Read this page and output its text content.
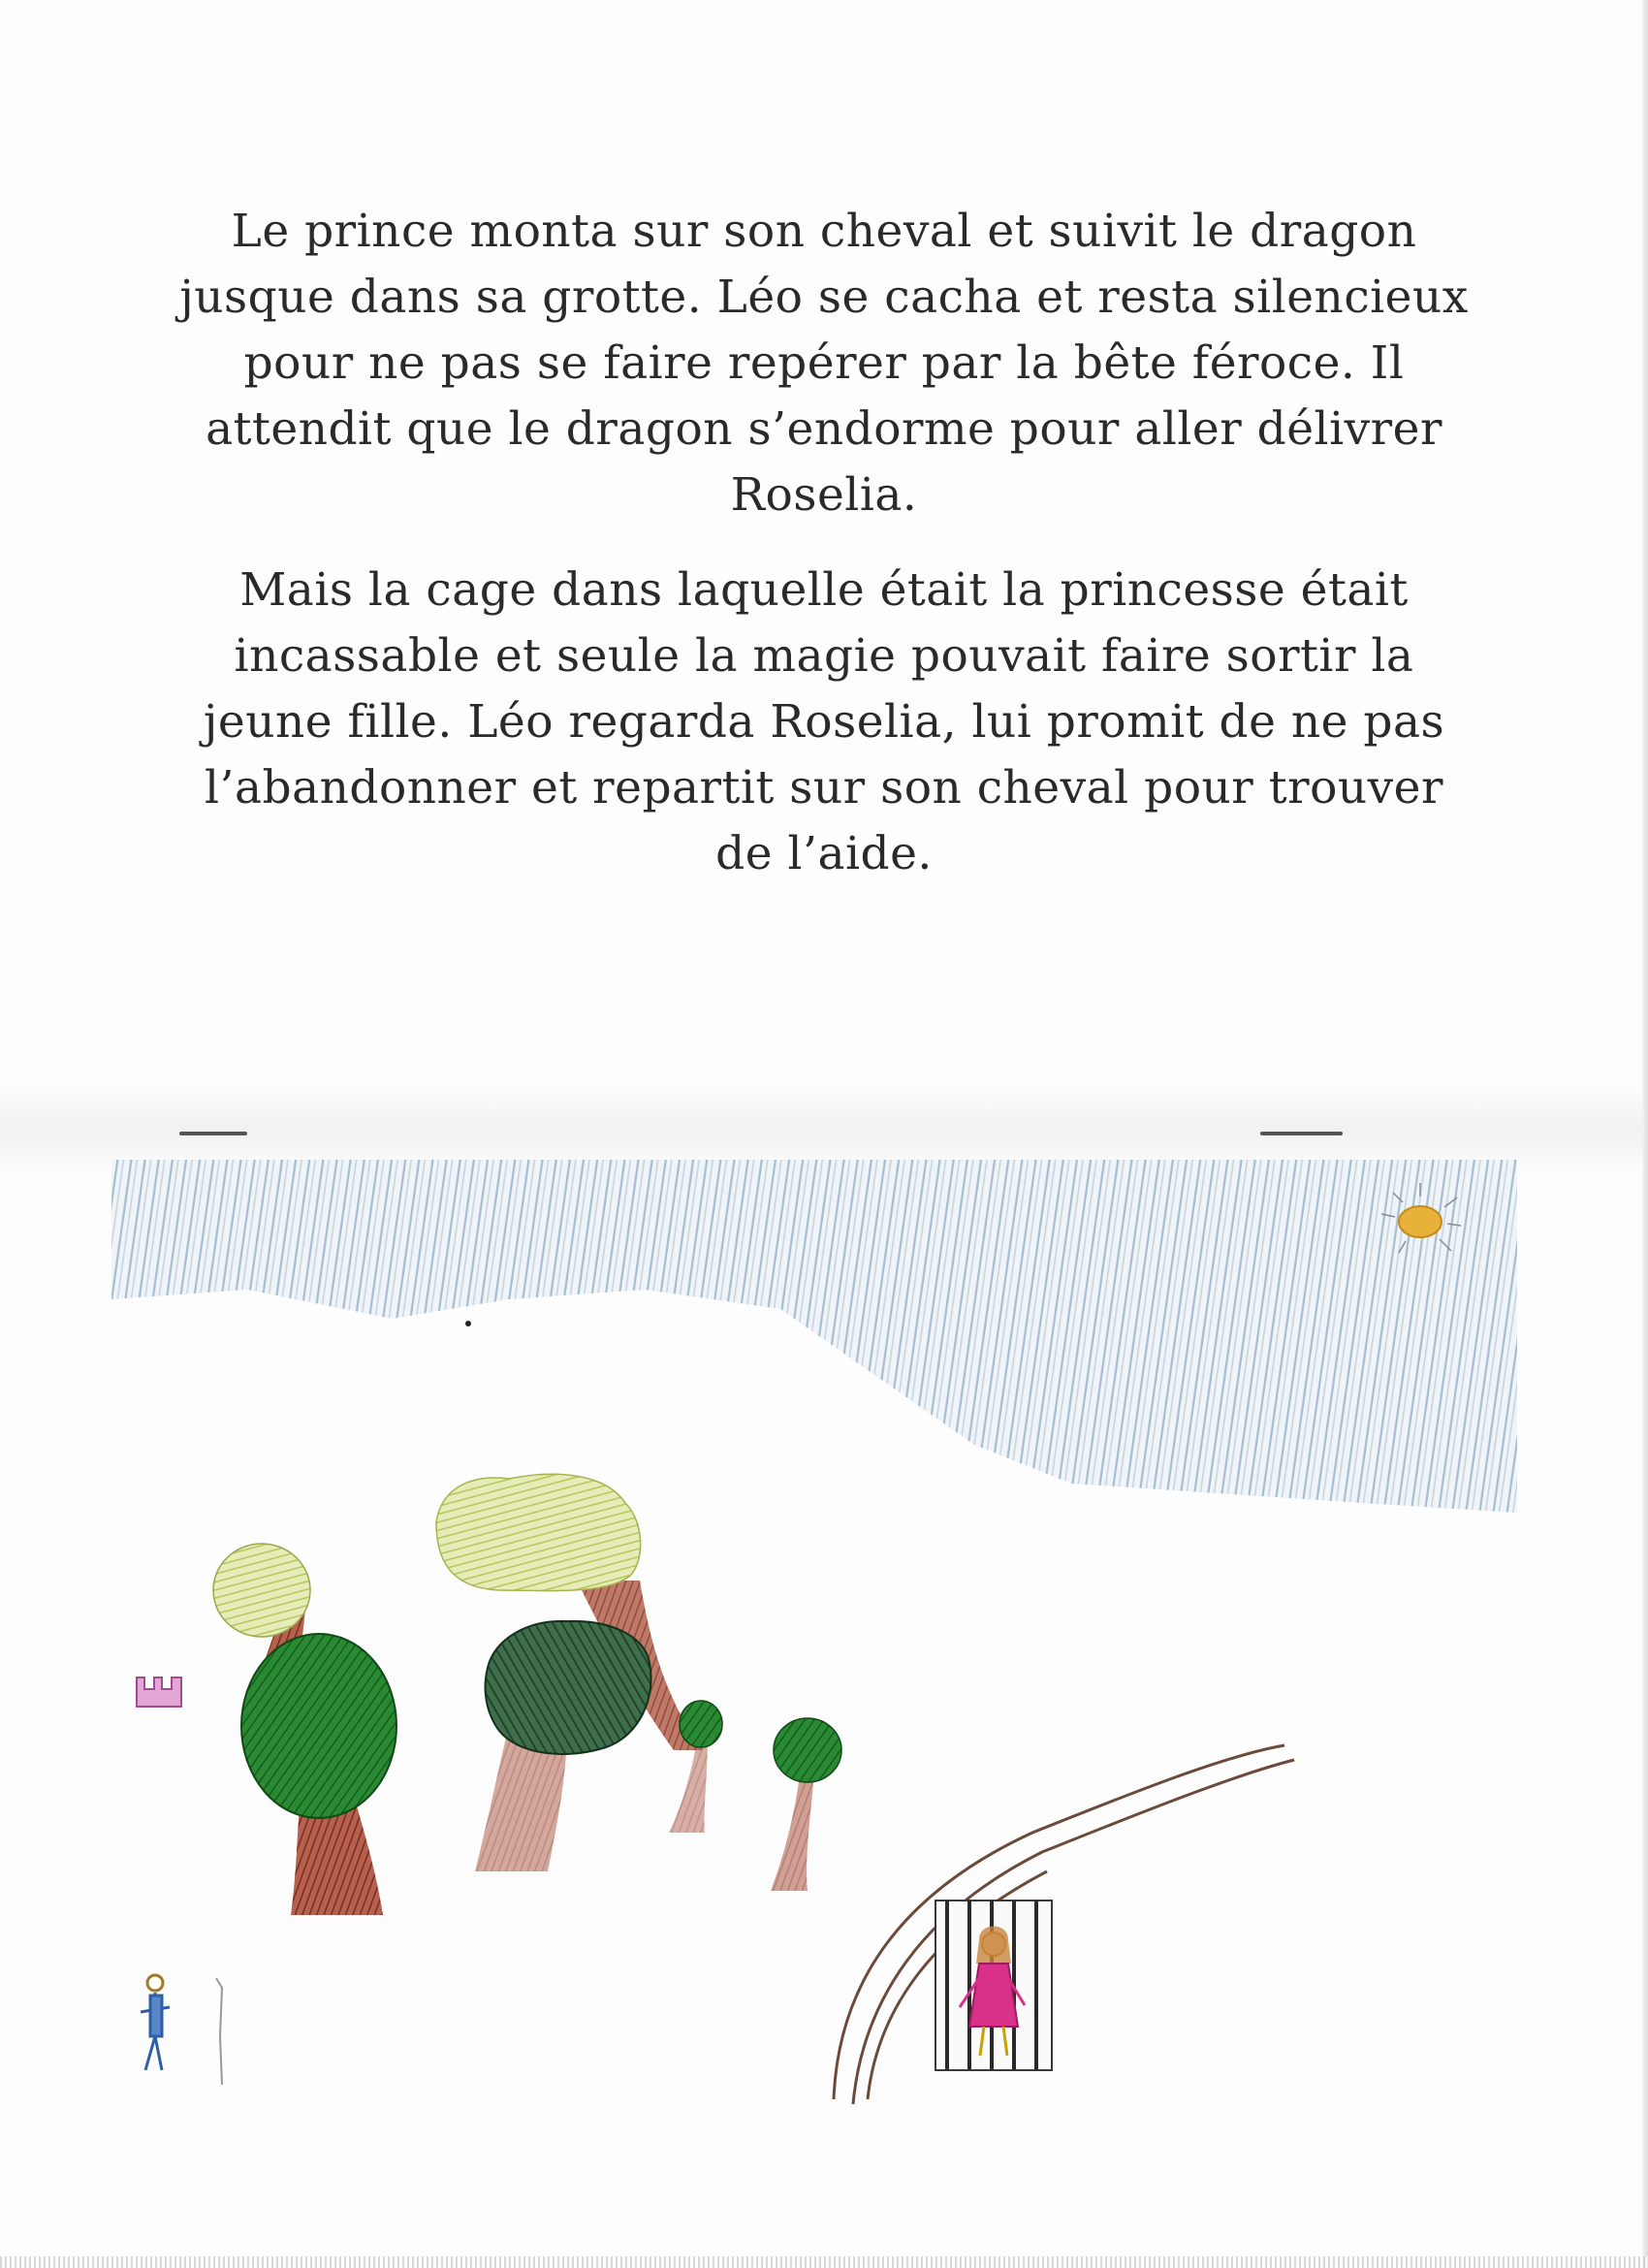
Le prince monta sur son cheval et suivit le dragon jusque dans sa grotte. Léo se cacha et resta silencieux pour ne pas se faire repérer par la bête féroce. Il attendit que le dragon s’endorme pour aller délivrer Roselia.

Mais la cage dans laquelle était la princesse était incassable et seule la magie pouvait faire sortir la jeune fille. Léo regarda Roselia, lui promit de ne pas l’abandonner et repartit sur son cheval pour trouver de l’aide.
